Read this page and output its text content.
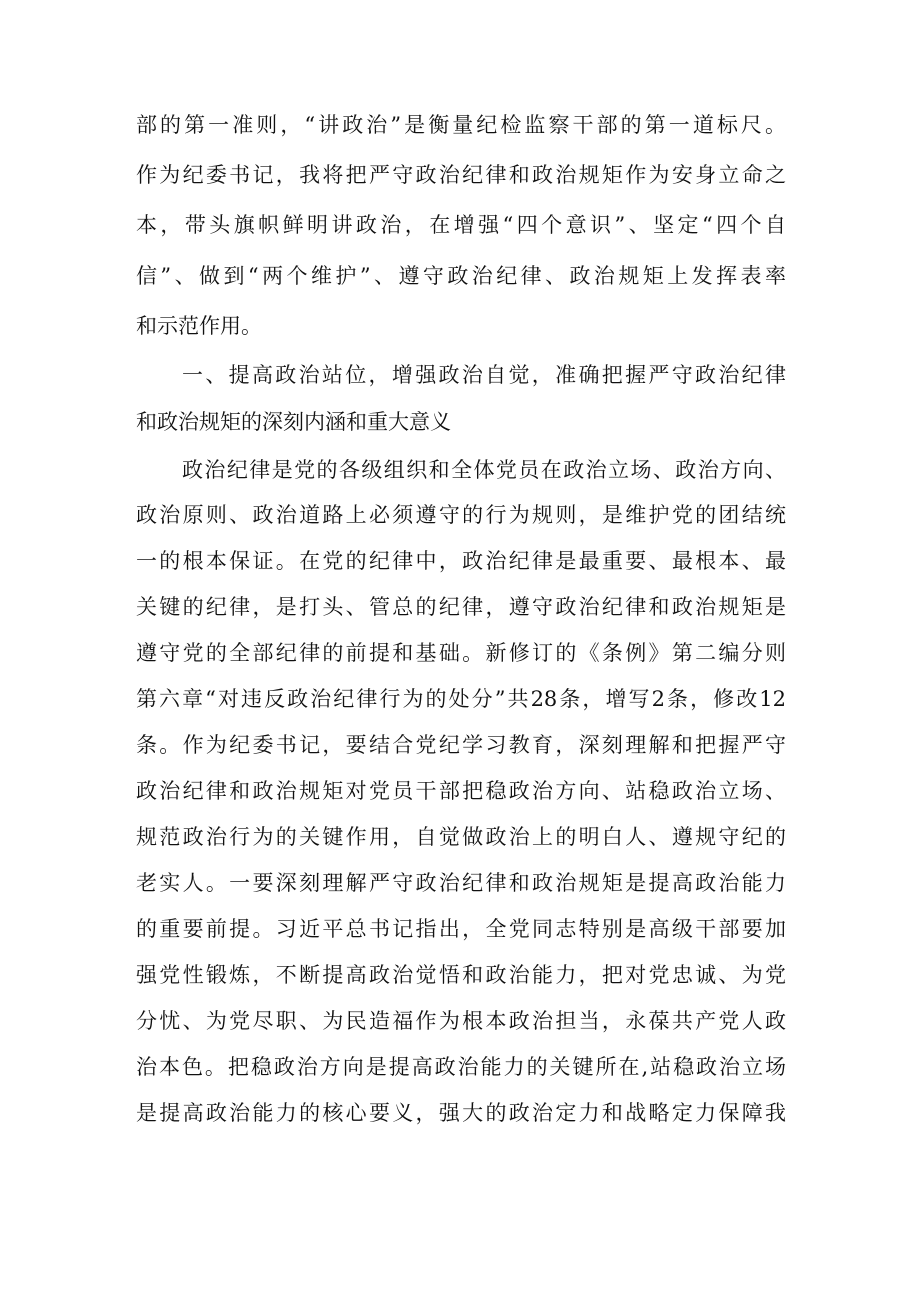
部的第一准则，“讲政治”是衡量纪检监察干部的第一道标尺。
作为纪委书记，我将把严守政治纪律和政治规矩作为安身立命之
本，带头旗帜鲜明讲政治，在增强“四个意识”、坚定“四个自
信”、做到“两个维护”、遵守政治纪律、政治规矩上发挥表率
和示范作用。
一、提高政治站位，增强政治自觉，准确把握严守政治纪律
和政治规矩的深刻内涵和重大意义
政治纪律是党的各级组织和全体党员在政治立场、政治方向、
政治原则、政治道路上必须遵守的行为规则，是维护党的团结统
一的根本保证。在党的纪律中，政治纪律是最重要、最根本、最
关键的纪律，是打头、管总的纪律，遵守政治纪律和政治规矩是
遵守党的全部纪律的前提和基础。新修订的《条例》第二编分则
第六章“对违反政治纪律行为的处分”共28条，增写2条，修改12
条。作为纪委书记，要结合党纪学习教育，深刻理解和把握严守
政治纪律和政治规矩对党员干部把稳政治方向、站稳政治立场、
规范政治行为的关键作用，自觉做政治上的明白人、遵规守纪的
老实人。一要深刻理解严守政治纪律和政治规矩是提高政治能力
的重要前提。习近平总书记指出，全党同志特别是高级干部要加
强党性锻炼，不断提高政治觉悟和政治能力，把对党忠诚、为党
分忧、为党尽职、为民造福作为根本政治担当，永葆共产党人政
治本色。把稳政治方向是提高政治能力的关键所在,站稳政治立场
是提高政治能力的核心要义，强大的政治定力和战略定力保障我
